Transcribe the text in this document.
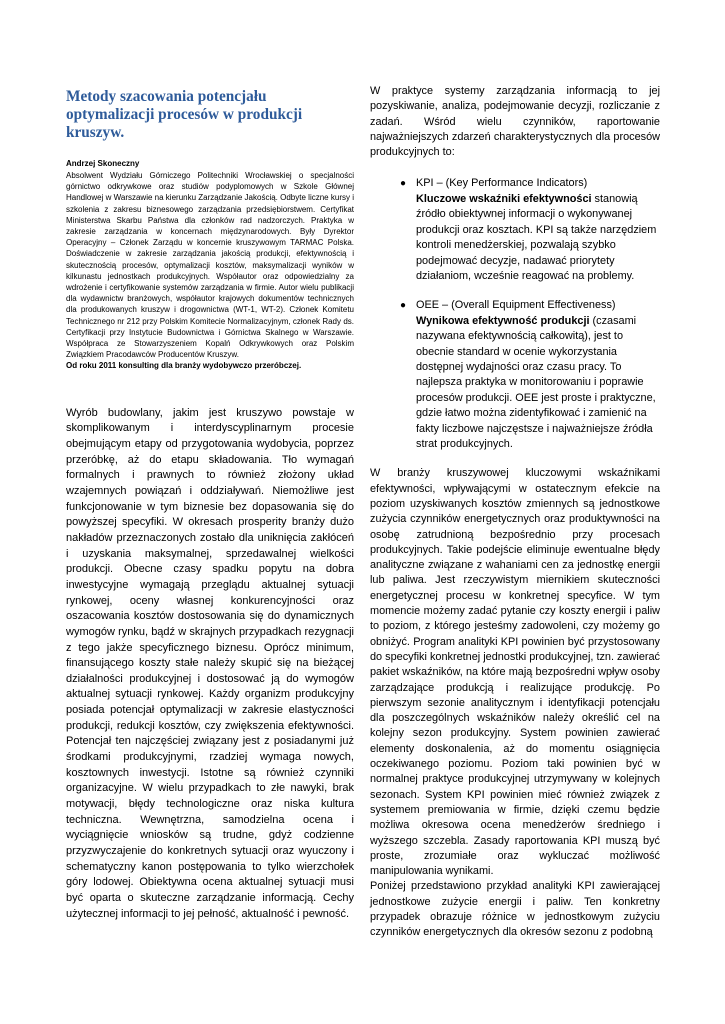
Metody szacowania potencjału optymalizacji procesów w produkcji kruszyw.

Andrzej Skoneczny

Absolwent Wydziału Górniczego Politechniki Wrocławskiej o specjalności górnictwo odkrywkowe oraz studiów podyplomowych w Szkole Głównej Handlowej w Warszawie na kierunku Zarządzanie Jakością. Odbyte liczne kursy i szkolenia z zakresu biznesowego zarządzania przedsiębiorstwem. Certyfikat Ministerstwa Skarbu Państwa dla członków rad nadzorczych. Praktyka w zakresie zarządzania w koncernach międzynarodowych. Były Dyrektor Operacyjny – Członek Zarządu w koncernie kruszywowym TARMAC Polska. Doświadczenie w zakresie zarządzania jakością produkcji, efektywnością i skutecznością procesów, optymalizacji kosztów, maksymalizacji wyników w kilkunastu jednostkach produkcyjnych. Współautor oraz odpowiedzialny za wdrożenie i certyfikowanie systemów zarządzania w firmie. Autor wielu publikacji dla wydawnictw branżowych, współautor krajowych dokumentów technicznych dla produkowanych kruszyw i drogownictwa (WT-1, WT-2). Członek Komitetu Technicznego nr 212 przy Polskim Komitecie Normalizacyjnym, członek Rady ds. Certyfikacji przy Instytucie Budownictwa i Górnictwa Skalnego w Warszawie. Współpraca ze Stowarzyszeniem Kopalń Odkrywkowych oraz Polskim Związkiem Pracodawców Producentów Kruszyw.

Od roku 2011 konsulting dla branży wydobywczo przeróbczej.

Wyrób budowlany, jakim jest kruszywo powstaje w skomplikowanym i interdyscyplinarnym procesie obejmującym etapy od przygotowania wydobycia, poprzez przeróbkę, aż do etapu składowania. Tło wymagań formalnych i prawnych to również złożony układ wzajemnych powiązań i oddziaływań. Niemożliwe jest funkcjonowanie w tym biznesie bez dopasowania się do powyższej specyfiki. W okresach prosperity branży dużo nakładów przeznaczonych zostało dla uniknięcia zakłóceń i uzyskania maksymalnej, sprzedawalnej wielkości produkcji. Obecne czasy spadku popytu na dobra inwestycyjne wymagają przeglądu aktualnej sytuacji rynkowej, oceny własnej konkurencyjności oraz oszacowania kosztów dostosowania się do dynamicznych wymogów rynku, bądź w skrajnych przypadkach rezygnacji z tego jakże specyficznego biznesu. Oprócz minimum, finansującego koszty stałe należy skupić się na bieżącej działalności produkcyjnej i dostosować ją do wymogów aktualnej sytuacji rynkowej. Każdy organizm produkcyjny posiada potencjał optymalizacji w zakresie elastyczności produkcji, redukcji kosztów, czy zwiększenia efektywności. Potencjał ten najczęściej związany jest z posiadanymi już środkami produkcyjnymi, rzadziej wymaga nowych, kosztownych inwestycji. Istotne są również czynniki organizacyjne. W wielu przypadkach to złe nawyki, brak motywacji, błędy technologiczne oraz niska kultura techniczna. Wewnętrzna, samodzielna ocena i wyciągnięcie wniosków są trudne, gdyż codzienne przyzwyczajenie do konkretnych sytuacji oraz wyuczony i schematyczny kanon postępowania to tylko wierzchołek góry lodowej. Obiektywna ocena aktualnej sytuacji musi być oparta o skuteczne zarządzanie informacją. Cechy użytecznej informacji to jej pełność, aktualność i pewność.

W praktyce systemy zarządzania informacją to jej pozyskiwanie, analiza, podejmowanie decyzji, rozliczanie z zadań. Wśród wielu czynników, raportowanie najważniejszych zdarzeń charakterystycznych dla procesów produkcyjnych to:

● KPI – (Key Performance Indicators)
Kluczowe wskaźniki efektywności stanowią źródło obiektywnej informacji o wykonywanej produkcji oraz kosztach. KPI są także narzędziem kontroli menedżerskiej, pozwalają szybko podejmować decyzje, nadawać priorytety działaniom, wcześnie reagować na problemy.
● OEE – (Overall Equipment Effectiveness)
Wynikowa efektywność produkcji (czasami nazywana efektywnością całkowitą), jest to obecnie standard w ocenie wykorzystania dostępnej wydajności oraz czasu pracy. To najlepsza praktyka w monitorowaniu i poprawie procesów produkcji. OEE jest proste i praktyczne, gdzie łatwo można zidentyfikować i zamienić na fakty liczbowe najczęstsze i najważniejsze źródła strat produkcyjnych.

W branży kruszywowej kluczowymi wskaźnikami efektywności, wpływającymi w ostatecznym efekcie na poziom uzyskiwanych kosztów zmiennych są jednostkowe zużycia czynników energetycznych oraz produktywności na osobę zatrudnioną bezpośrednio przy procesach produkcyjnych. Takie podejście eliminuje ewentualne błędy analityczne związane z wahaniami cen za jednostkę energii lub paliwa. Jest rzeczywistym miernikiem skuteczności energetycznej procesu w konkretnej specyfice. W tym momencie możemy zadać pytanie czy koszty energii i paliw to poziom, z którego jesteśmy zadowoleni, czy możemy go obniżyć. Program analityki KPI powinien być przystosowany do specyfiki konkretnej jednostki produkcyjnej, tzn. zawierać pakiet wskaźników, na które mają bezpośredni wpływ osoby zarządzające produkcją i realizujące produkcję. Po pierwszym sezonie analitycznym i identyfikacji potencjału dla poszczególnych wskaźników należy określić cel na kolejny sezon produkcyjny. System powinien zawierać elementy doskonalenia, aż do momentu osiągnięcia oczekiwanego poziomu. Poziom taki powinien być w normalnej praktyce produkcyjnej utrzymywany w kolejnych sezonach. System KPI powinien mieć również związek z systemem premiowania w firmie, dzięki czemu będzie możliwa okresowa ocena menedżerów średniego i wyższego szczebla. Zasady raportowania KPI muszą być proste, zrozumiałe oraz wykluczać możliwość manipulowania wynikami.

Poniżej przedstawiono przykład analityki KPI zawierającej jednostkowe zużycie energii i paliw. Ten konkretny przypadek obrazuje różnice w jednostkowym zużyciu czynników energetycznych dla okresów sezonu z podobną
